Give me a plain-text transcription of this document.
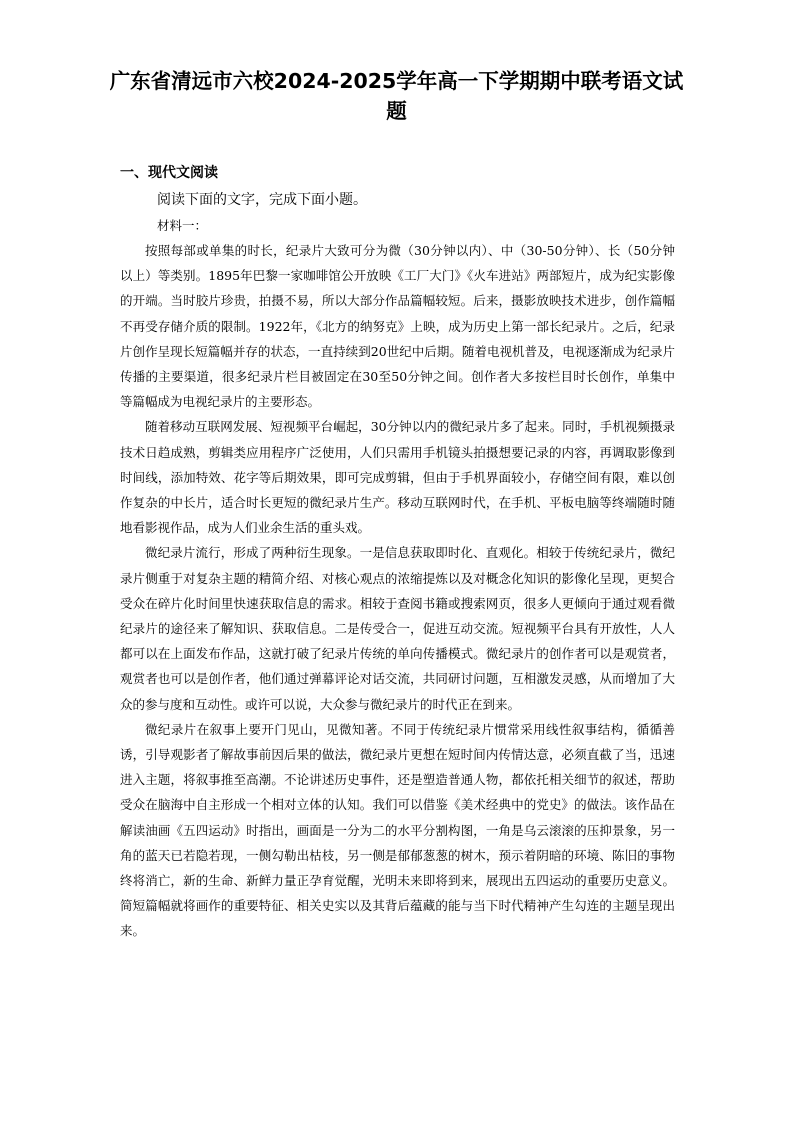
广东省清远市六校2024-2025学年高一下学期期中联考语文试题
一、现代文阅读
阅读下面的文字，完成下面小题。
材料一：

按照每部或单集的时长，纪录片大致可分为微（30分钟以内）、中（30-50分钟）、长（50分钟以上）等类别。1895年巴黎一家咖啡馆公开放映《工厂大门》《火车进站》两部短片，成为纪实影像的开端。当时胶片珍贵，拍摄不易，所以大部分作品篇幅较短。后来，摄影放映技术进步，创作篇幅不再受存储介质的限制。1922年，《北方的纳努克》上映，成为历史上第一部长纪录片。之后，纪录片创作呈现长短篇幅并存的状态，一直持续到20世纪中后期。随着电视机普及，电视逐渐成为纪录片传播的主要渠道，很多纪录片栏目被固定在30至50分钟之间。创作者大多按栏目时长创作，单集中等篇幅成为电视纪录片的主要形态。

随着移动互联网发展、短视频平台崛起，30分钟以内的微纪录片多了起来。同时，手机视频摄录技术日趋成熟，剪辑类应用程序广泛使用，人们只需用手机镜头拍摄想要记录的内容，再调取影像到时间线，添加特效、花字等后期效果，即可完成剪辑，但由于手机界面较小，存储空间有限，难以创作复杂的中长片，适合时长更短的微纪录片生产。移动互联网时代，在手机、平板电脑等终端随时随地看影视作品，成为人们业余生活的重头戏。

微纪录片流行，形成了两种衍生现象。一是信息获取即时化、直观化。相较于传统纪录片，微纪录片侧重于对复杂主题的精简介绍、对核心观点的浓缩提炼以及对概念化知识的影像化呈现，更契合受众在碎片化时间里快速获取信息的需求。相较于查阅书籍或搜索网页，很多人更倾向于通过观看微纪录片的途径来了解知识、获取信息。二是传受合一，促进互动交流。短视频平台具有开放性，人人都可以在上面发布作品，这就打破了纪录片传统的单向传播模式。微纪录片的创作者可以是观赏者，观赏者也可以是创作者，他们通过弹幕评论对话交流，共同研讨问题，互相激发灵感，从而增加了大众的参与度和互动性。或许可以说，大众参与微纪录片的时代正在到来。

微纪录片在叙事上要开门见山，见微知著。不同于传统纪录片惯常采用线性叙事结构，循循善诱，引导观影者了解故事前因后果的做法，微纪录片更想在短时间内传情达意，必须直截了当，迅速进入主题，将叙事推至高潮。不论讲述历史事件，还是塑造普通人物，都依托相关细节的叙述，帮助受众在脑海中自主形成一个相对立体的认知。我们可以借鉴《美术经典中的党史》的做法。该作品在解读油画《五四运动》时指出，画面是一分为二的水平分割构图，一角是乌云滚滚的压抑景象，另一角的蓝天已若隐若现，一侧勾勒出枯枝，另一侧是郁郁葱葱的树木，预示着阴暗的环境、陈旧的事物终将消亡，新的生命、新鲜力量正孕育觉醒，光明未来即将到来，展现出五四运动的重要历史意义。简短篇幅就将画作的重要特征、相关史实以及其背后蕴藏的能与当下时代精神产生勾连的主题呈现出来。
